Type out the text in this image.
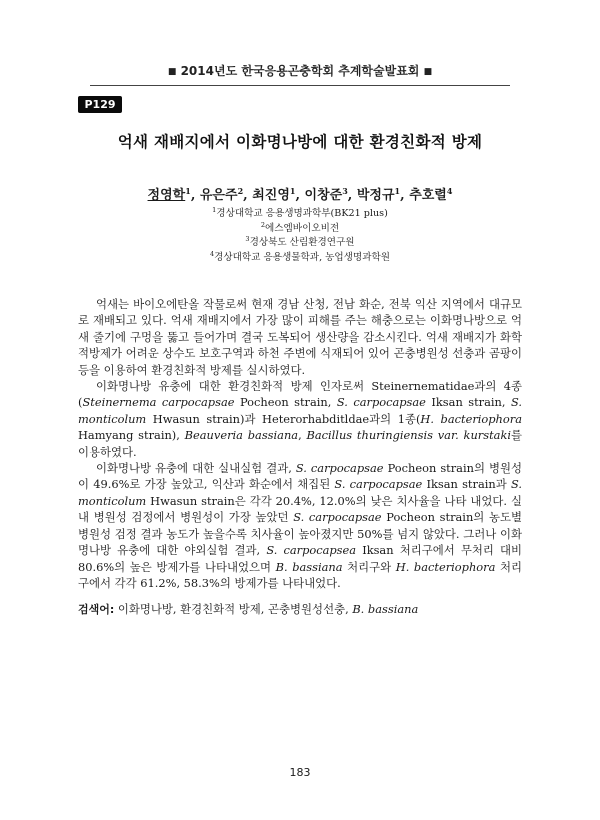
■ 2014년도 한국응용곤충학회 추계학술발표회 ■
P129
억새 재배지에서 이화명나방에 대한 환경친화적 방제
정영학$^1$, 유은주$^2$, 최진영$^1$, 이창준$^3$, 박정규$^1$, 추호렬$^4$
$^1$경상대학교 응용생명과학부(BK21 plus)
$^2$에스엠바이오비전
$^3$경상북도 산림환경연구원
$^4$경상대학교 응용생물학과, 농업생명과학원

억새는 바이오에탄올 작물로써 현재 경남 산청, 전남 화순, 전북 익산 지역에서 대규모로 재배되고 있다. 억새 재배지에서 가장 많이 피해를 주는 해충으로는 이화명나방으로 억새 줄기에 구멍을 뚫고 들어가며 결국 도복되어 생산량을 감소시킨다. 억새 재배지가 화학적방제가 어려운 상수도 보호구역과 하천 주변에 식재되어 있어 곤충병원성 선충과 곰팡이 등을 이용하여 환경친화적 방제를 실시하였다.

이화명나방 유충에 대한 환경친화적 방제 인자로써 Steinernematidae과의 4종(Steinernema carpocapsae Pocheon strain, S. carpocapsae Iksan strain, S. monticolum Hwasun strain)과 Heterorhabditldae과의 1종(H. bacteriophora Hamyang strain), Beauveria bassiana, Bacillus thuringiensis var. kurstaki를 이용하였다.

이화명나방 유충에 대한 실내실험 결과, S. carpocapsae Pocheon strain의 병원성이 49.6%로 가장 높았고, 익산과 화순에서 채집된 S. carpocapsae Iksan strain과 S. monticolum Hwasun strain은 각각 20.4%, 12.0%의 낮은 치사율을 나타 내었다. 실내 병원성 검정에서 병원성이 가장 높았던 S. carpocapsae Pocheon strain의 농도별 병원성 검정 결과 농도가 높을수록 치사율이 높아졌지만 50%를 넘지 않았다. 그러나 이화명나방 유충에 대한 야외실험 결과, S. carpocapsea Iksan 처리구에서 무처리 대비 80.6%의 높은 방제가를 나타내었으며 B. bassiana 처리구와 H. bacteriophora 처리구에서 각각 61.2%, 58.3%의 방제가를 나타내었다.

검색어: 이화명나방, 환경친화적 방제, 곤충병원성선충, B. bassiana
183
